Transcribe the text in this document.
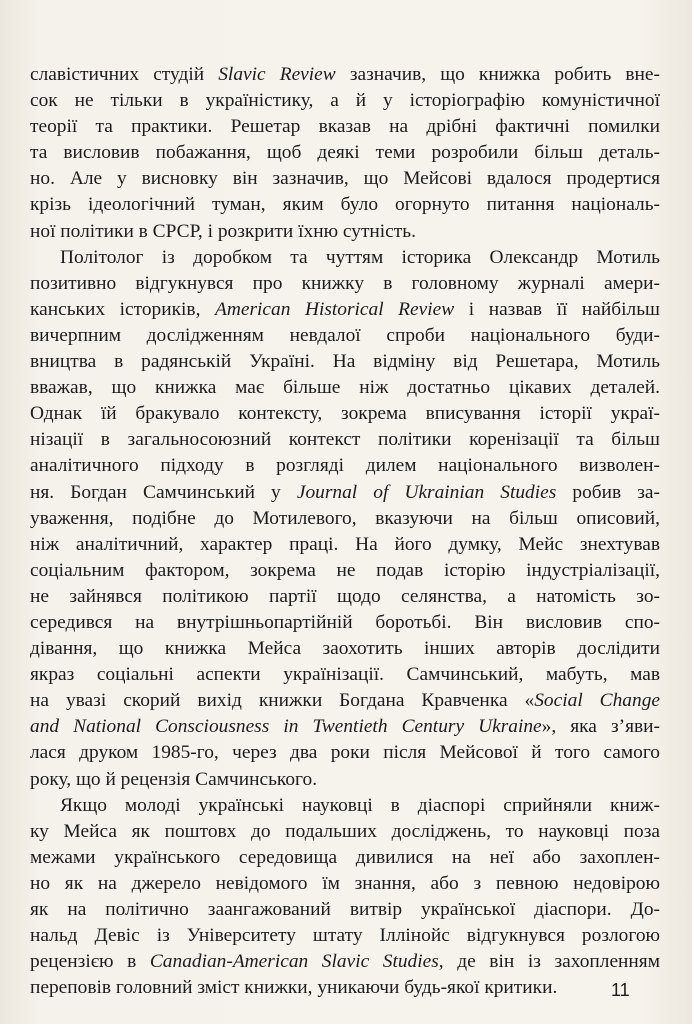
славістичних студій Slavic Review зазначив, що книжка робить вне-
сок не тільки в україністику, а й у історіографію комуністичної
теорії та практики. Решетар вказав на дрібні фактичні помилки
та висловив побажання, щоб деякі теми розробили більш деталь-
но. Але у висновку він зазначив, що Мейсові вдалося продертися
крізь ідеологічний туман, яким було огорнуто питання національ-
ної політики в СРСР, і розкрити їхню сутність.
Політолог із доробком та чуттям історика Олександр Мотиль
позитивно відгукнувся про книжку в головному журналі амери-
канських істориків, American Historical Review і назвав її найбільш
вичерпним дослідженням невдалої спроби національного буди-
вництва в радянській Україні. На відміну від Решетара, Мотиль
вважав, що книжка має більше ніж достатньо цікавих деталей.
Однак їй бракувало контексту, зокрема вписування історії украї-
нізації в загальносоюзний контекст політики коренізації та більш
аналітичного підходу в розгляді дилем національного визволен-
ня. Богдан Самчинський у Journal of Ukrainian Studies робив за-
уваження, подібне до Мотилевого, вказуючи на більш описовий,
ніж аналітичний, характер праці. На його думку, Мейс знехтував
соціальним фактором, зокрема не подав історію індустріалізації,
не зайнявся політикою партії щодо селянства, а натомість зо-
середився на внутрішньопартійній боротьбі. Він висловив спо-
дівання, що книжка Мейса заохотить інших авторів дослідити
якраз соціальні аспекти українізації. Самчинський, мабуть, мав
на увазі скорий вихід книжки Богдана Кравченка «Social Change
and National Consciousness in Twentieth Century Ukraine», яка з’яви-
лася друком 1985-го, через два роки після Мейсової й того самого
року, що й рецензія Самчинського.
Якщо молоді українські науковці в діаспорі сприйняли книж-
ку Мейса як поштовх до подальших досліджень, то науковці поза
межами українського середовища дивилися на неї або захоплен-
но як на джерело невідомого їм знання, або з певною недовірою
як на політично заангажований витвір української діаспори. До-
нальд Девіс із Університету штату Іллінойс відгукнувся розлогою
рецензією в Canadian-American Slavic Studies, де він із захопленням
переповів головний зміст книжки, уникаючи будь-якої критики.	11
